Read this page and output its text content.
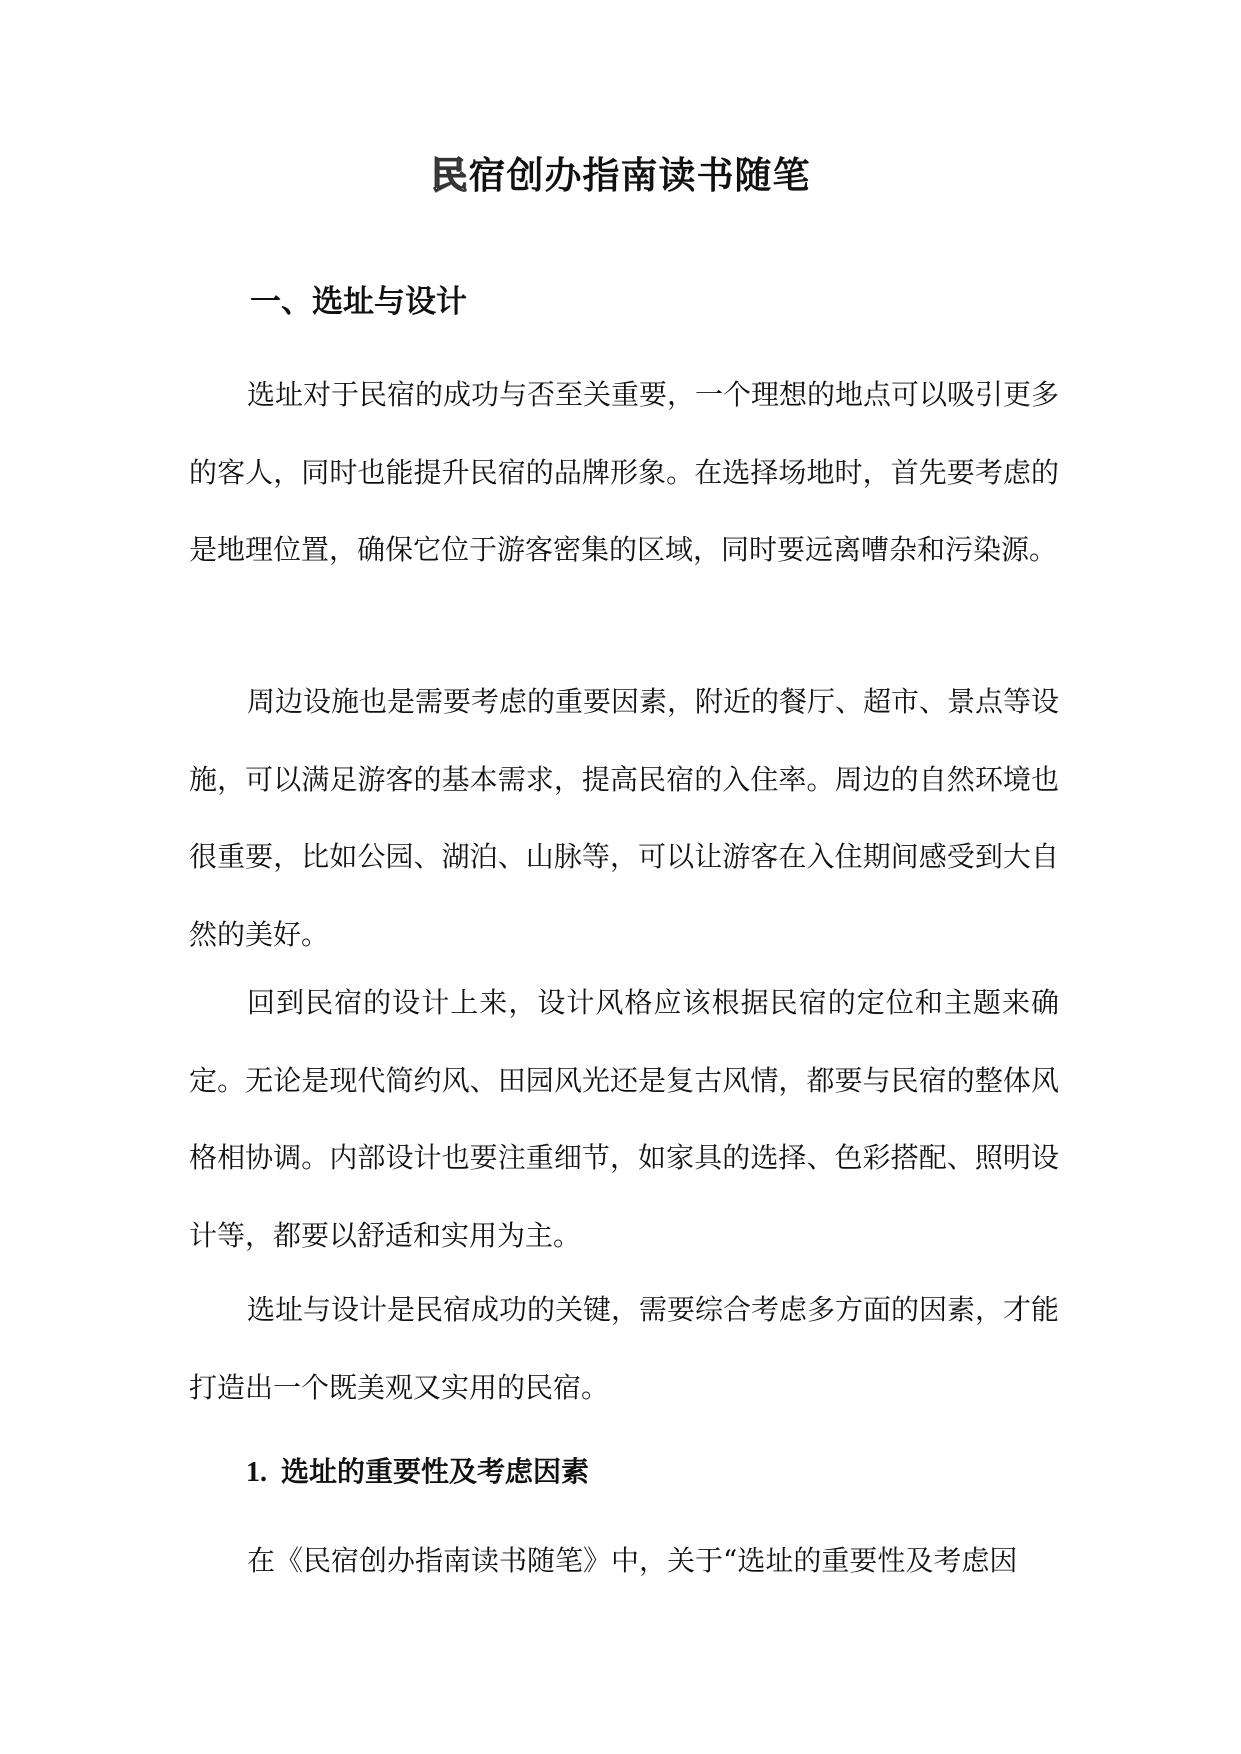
民宿创办指南读书随笔
一、选址与设计

选址对于民宿的成功与否至关重要，一个理想的地点可以吸引更多的客人，同时也能提升民宿的品牌形象。在选择场地时，首先要考虑的是地理位置，确保它位于游客密集的区域，同时要远离嘈杂和污染源。

周边设施也是需要考虑的重要因素，附近的餐厅、超市、景点等设施，可以满足游客的基本需求，提高民宿的入住率。周边的自然环境也很重要，比如公园、湖泊、山脉等，可以让游客在入住期间感受到大自然的美好。

回到民宿的设计上来，设计风格应该根据民宿的定位和主题来确定。无论是现代简约风、田园风光还是复古风情，都要与民宿的整体风格相协调。内部设计也要注重细节，如家具的选择、色彩搭配、照明设计等，都要以舒适和实用为主。

选址与设计是民宿成功的关键，需要综合考虑多方面的因素，才能打造出一个既美观又实用的民宿。

1. 选址的重要性及考虑因素

在《民宿创办指南读书随笔》中，关于“选址的重要性及考虑因
